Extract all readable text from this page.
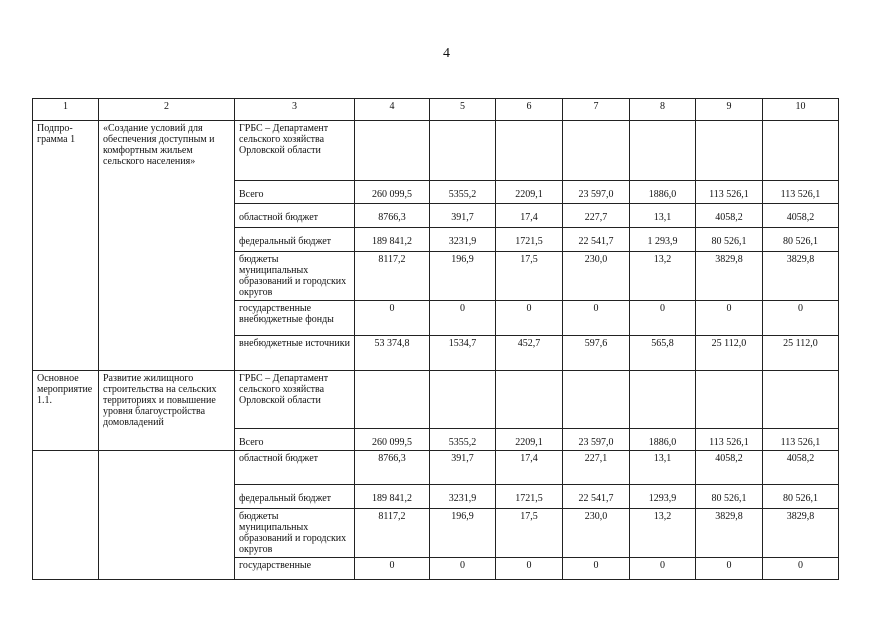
4
1	2	3	4	5	6	7	8	9	10
Подпро-
грамма 1	«Создание условий для обеспечения доступным и комфортным жильем сельского населения»	ГРБС – Департамент сельского хозяйства Орловской области							
		Всего	260 099,5	5355,2	2209,1	23 597,0	1886,0	113 526,1	113 526,1
		областной бюджет	8766,3	391,7	17,4	227,7	13,1	4058,2	4058,2
		федеральный бюджет	189 841,2	3231,9	1721,5	22 541,7	1 293,9	80 526,1	80 526,1
		бюджеты муниципальных образований и городских округов	8117,2	196,9	17,5	230,0	13,2	3829,8	3829,8
		государственные внебюджетные фонды	0	0	0	0	0	0	0
		внебюджетные источники	53 374,8	1534,7	452,7	597,6	565,8	25 112,0	25 112,0
Основное мероприятие 1.1.	Развитие жилищного строительства на сельских территориях и повышение уровня благоустройства домовладений	ГРБС – Департамент сельского хозяйства Орловской области							
		Всего	260 099,5	5355,2	2209,1	23 597,0	1886,0	113 526,1	113 526,1
		областной бюджет	8766,3	391,7	17,4	227,1	13,1	4058,2	4058,2
		федеральный бюджет	189 841,2	3231,9	1721,5	22 541,7	1293,9	80 526,1	80 526,1
		бюджеты муниципальных образований и городских округов	8117,2	196,9	17,5	230,0	13,2	3829,8	3829,8
		государственные	0	0	0	0	0	0	0
